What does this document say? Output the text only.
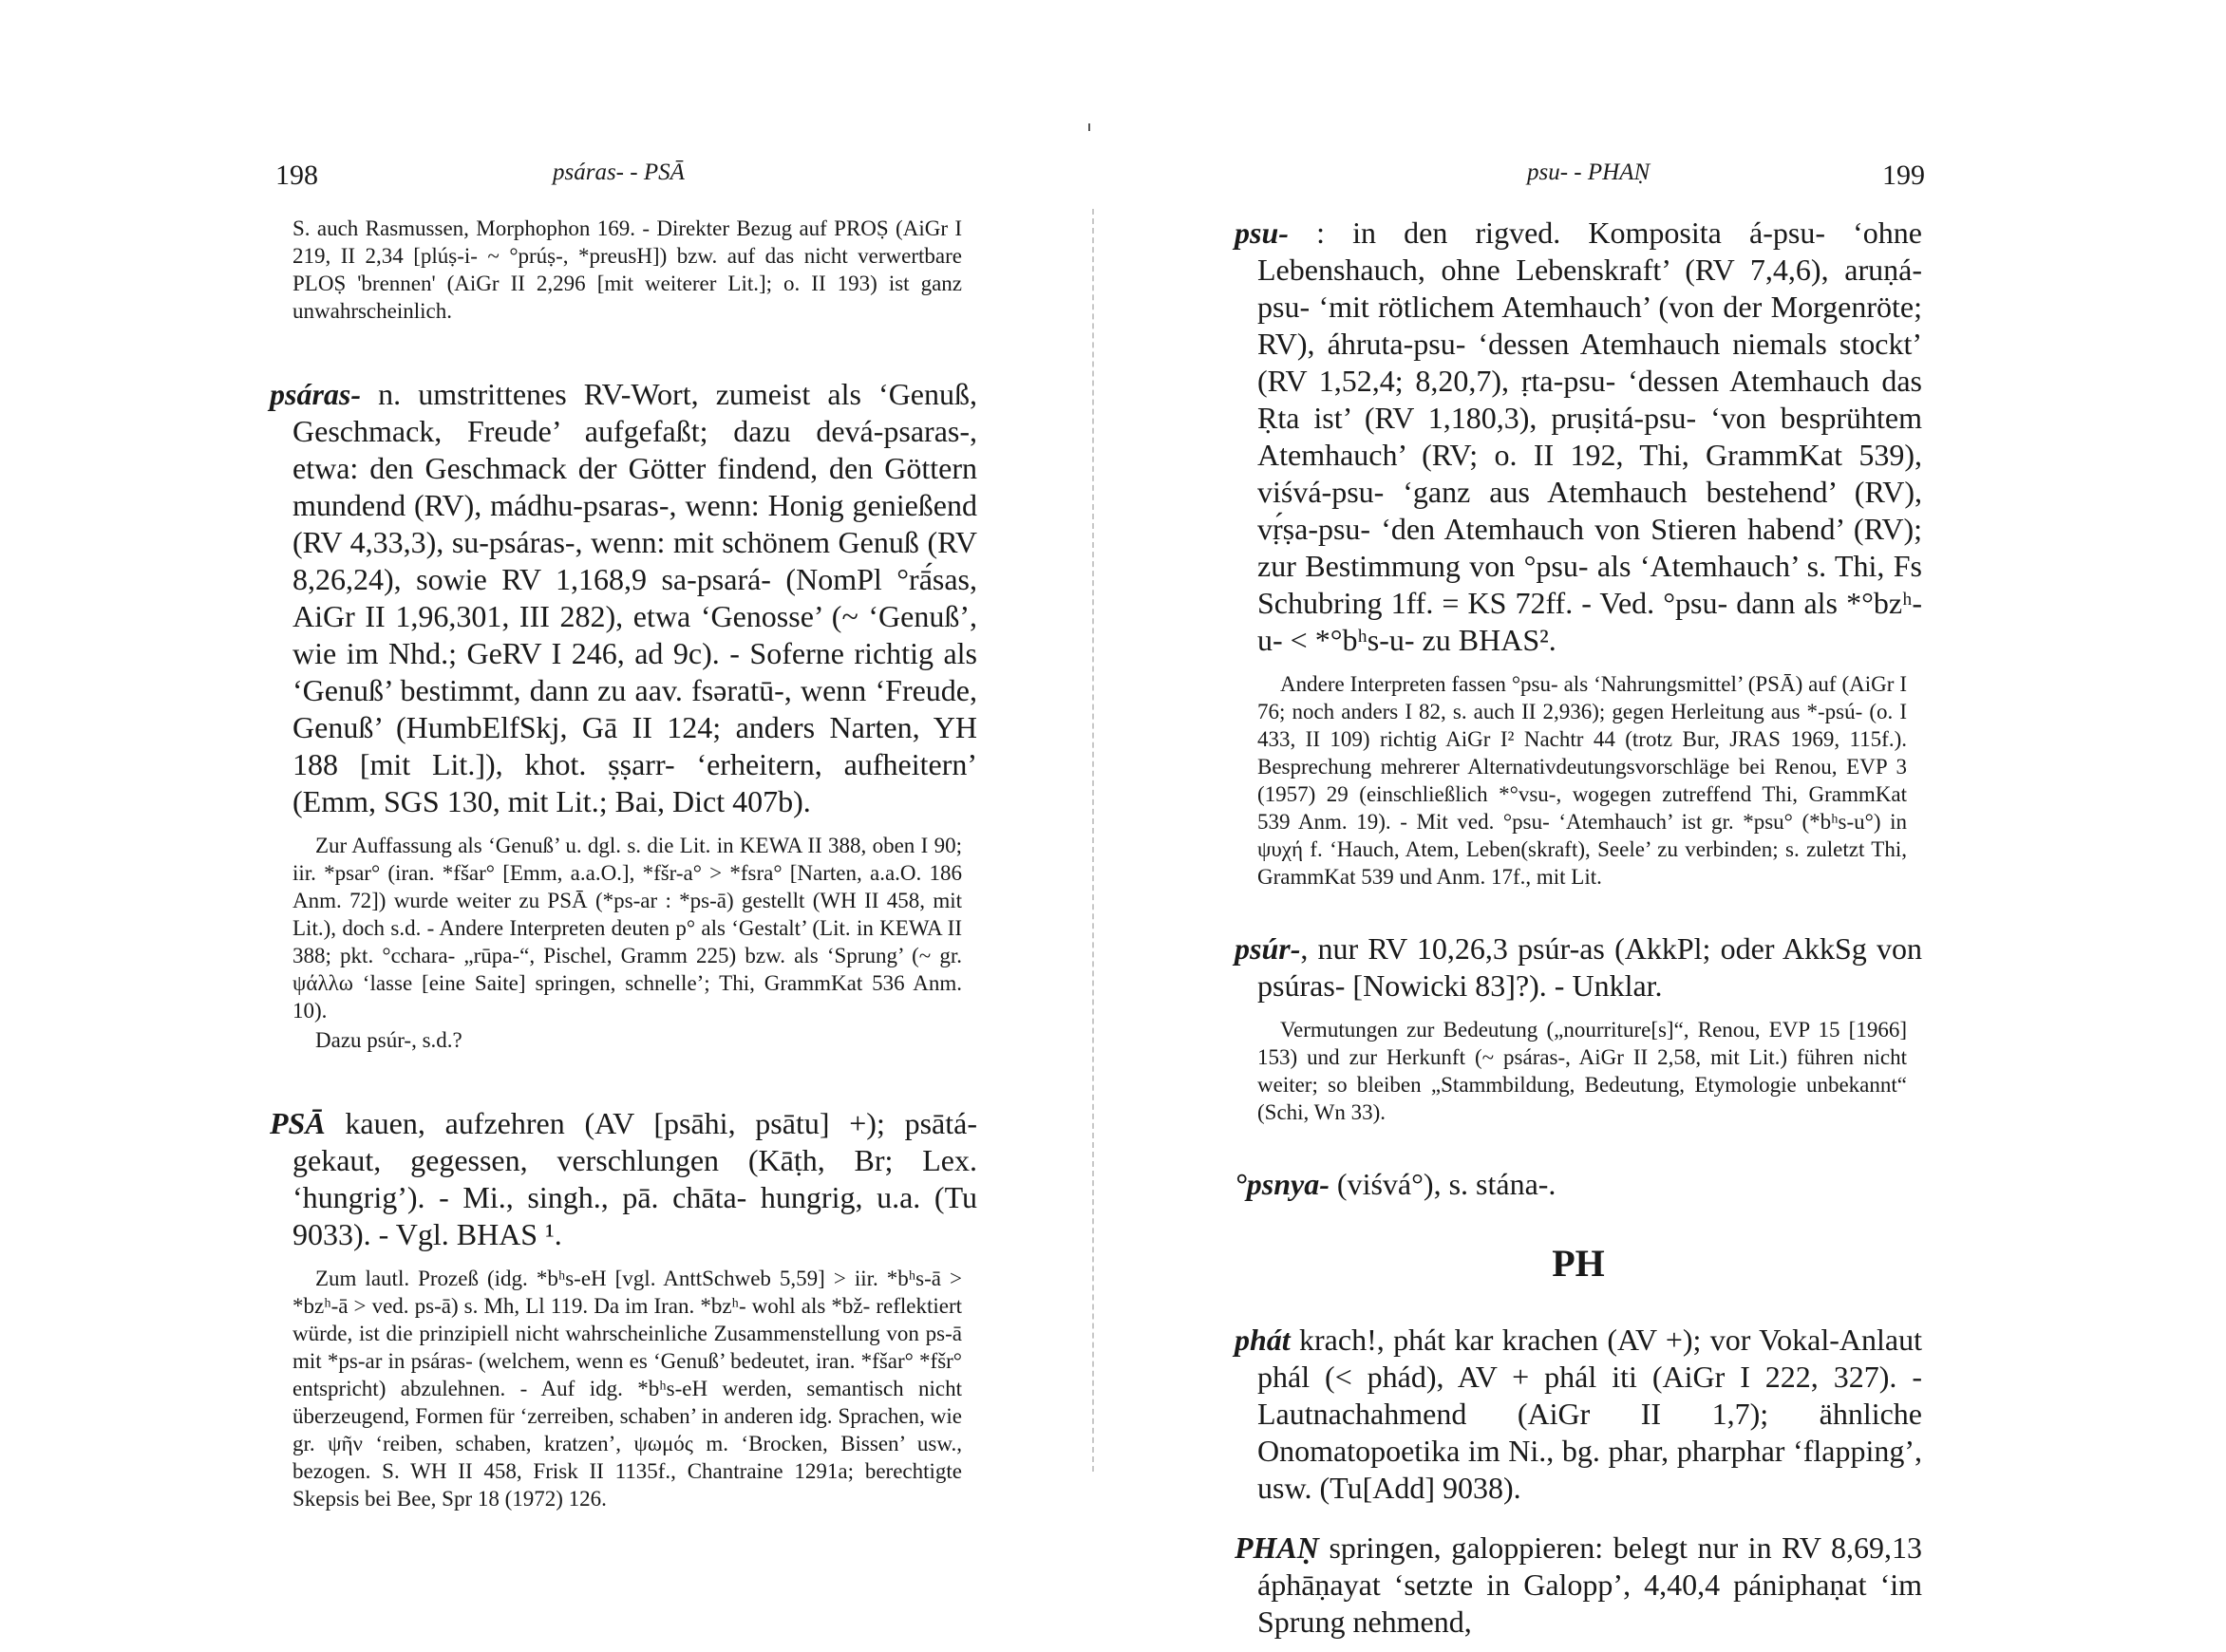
198	psáras- - PSĀ

S. auch Rasmussen, Morphophon 169. - Direkter Bezug auf PROṢ (AiGr I 219, II 2,34 [plúṣ-i- ~ °prúṣ-, *preusH]) bzw. auf das nicht verwertbare PLOṢ 'brennen' (AiGr II 2,296 [mit weiterer Lit.]; o. II 193) ist ganz unwahrscheinlich.

psáras- n. umstrittenes RV-Wort, zumeist als ‘Genuß, Geschmack, Freude’ aufgefaßt; dazu devá-psaras-, etwa: den Geschmack der Götter findend, den Göttern mundend (RV), mádhu-psaras-, wenn: Honig genießend (RV 4,33,3), su-psáras-, wenn: mit schönem Genuß (RV 8,26,24), sowie RV 1,168,9 sa-psará- (NomPl °rā́sas, AiGr II 1,96,301, III 282), etwa ‘Genosse’ (~ ‘Genuß’, wie im Nhd.; GeRV I 246, ad 9c). - Soferne richtig als ‘Genuß’ bestimmt, dann zu aav. fsəratū-, wenn ‘Freude, Genuß’ (HumbElfSkj, Gā II 124; anders Narten, YH 188 [mit Lit.]), khot. ṣṣarr- ‘erheitern, aufheitern’ (Emm, SGS 130, mit Lit.; Bai, Dict 407b).

Zur Auffassung als ‘Genuß’ u. dgl. s. die Lit. in KEWA II 388, oben I 90; iir. *psar° (iran. *fšar° [Emm, a.a.O.], *fšr-a° > *fsra° [Narten, a.a.O. 186 Anm. 72]) wurde weiter zu PSĀ (*ps-ar : *ps-ā) gestellt (WH II 458, mit Lit.), doch s.d. - Andere Interpreten deuten p° als ‘Gestalt’ (Lit. in KEWA II 388; pkt. °cchara- „rūpa-“, Pischel, Gramm 225) bzw. als ‘Sprung’ (~ gr. ψάλλω ‘lasse [eine Saite] springen, schnelle’; Thi, GrammKat 536 Anm. 10).

Dazu psúr-, s.d.?

PSĀ kauen, aufzehren (AV [psāhi, psātu] +); psātá- gekaut, gegessen, verschlungen (Kāṭh, Br; Lex. ‘hungrig’). - Mi., singh., pā. chāta- hungrig, u.a. (Tu 9033). - Vgl. BHAS ¹.

Zum lautl. Prozeß (idg. *bʰs-eH [vgl. AnttSchweb 5,59] > iir. *bʰs-ā > *bzʰ-ā > ved. ps-ā) s. Mh, Ll 119. Da im Iran. *bzʰ- wohl als *bž- reflektiert würde, ist die prinzipiell nicht wahrscheinliche Zusammenstellung von ps-ā mit *ps-ar in psáras- (welchem, wenn es ‘Genuß’ bedeutet, iran. *fšar° *fšr° entspricht) abzulehnen. - Auf idg. *bʰs-eH werden, semantisch nicht überzeugend, Formen für ‘zerreiben, schaben’ in anderen idg. Sprachen, wie gr. ψῆν ‘reiben, schaben, kratzen’, ψωμός m. ‘Brocken, Bissen’ usw., bezogen. S. WH II 458, Frisk II 1135f., Chantraine 1291a; berechtigte Skepsis bei Bee, Spr 18 (1972) 126.

psu- - PHAṆ	199

psu- : in den rigved. Komposita á-psu- ‘ohne Lebenshauch, ohne Lebenskraft’ (RV 7,4,6), aruṇá-psu- ‘mit rötlichem Atemhauch’ (von der Morgenröte; RV), áhruta-psu- ‘dessen Atemhauch niemals stockt’ (RV 1,52,4; 8,20,7), ṛta-psu- ‘dessen Atemhauch das Ṛta ist’ (RV 1,180,3), pruṣitá-psu- ‘von besprühtem Atemhauch’ (RV; o. II 192, Thi, GrammKat 539), viśvá-psu- ‘ganz aus Atemhauch bestehend’ (RV), vṛ́ṣa-psu- ‘den Atemhauch von Stieren habend’ (RV); zur Bestimmung von °psu- als ‘Atemhauch’ s. Thi, Fs Schubring 1ff. = KS 72ff. - Ved. °psu- dann als *°bzʰ-u- < *°bʰs-u- zu BHAS².

Andere Interpreten fassen °psu- als ‘Nahrungsmittel’ (PSĀ) auf (AiGr I 76; noch anders I 82, s. auch II 2,936); gegen Herleitung aus *-psú- (o. I 433, II 109) richtig AiGr I² Nachtr 44 (trotz Bur, JRAS 1969, 115f.). Besprechung mehrerer Alternativdeutungsvorschläge bei Renou, EVP 3 (1957) 29 (einschließlich *°vsu-, wogegen zutreffend Thi, GrammKat 539 Anm. 19). - Mit ved. °psu- ‘Atemhauch’ ist gr. *psu° (*bʰs-u°) in ψυχή f. ‘Hauch, Atem, Leben(skraft), Seele’ zu verbinden; s. zuletzt Thi, GrammKat 539 und Anm. 17f., mit Lit.

psúr-, nur RV 10,26,3 psúr-as (AkkPl; oder AkkSg von psúras- [Nowicki 83]?). - Unklar.

Vermutungen zur Bedeutung („nourriture[s]“, Renou, EVP 15 [1966] 153) und zur Herkunft (~ psáras-, AiGr II 2,58, mit Lit.) führen nicht weiter; so bleiben „Stammbildung, Bedeutung, Etymologie unbekannt“ (Schi, Wn 33).

°psnya- (viśvá°), s. stána-.

PH

phát krach!, phát kar krachen (AV +); vor Vokal-Anlaut phál (< phád), AV + phál iti (AiGr I 222, 327). - Lautnachahmend (AiGr II 1,7); ähnliche Onomatopoetika im Ni., bg. phar, pharphar ‘flapping’, usw. (Tu[Add] 9038).

PHAṆ springen, galoppieren: belegt nur in RV 8,69,13 áphāṇayat ‘setzte in Galopp’, 4,40,4 pániphaṇat ‘im Sprung nehmend,
